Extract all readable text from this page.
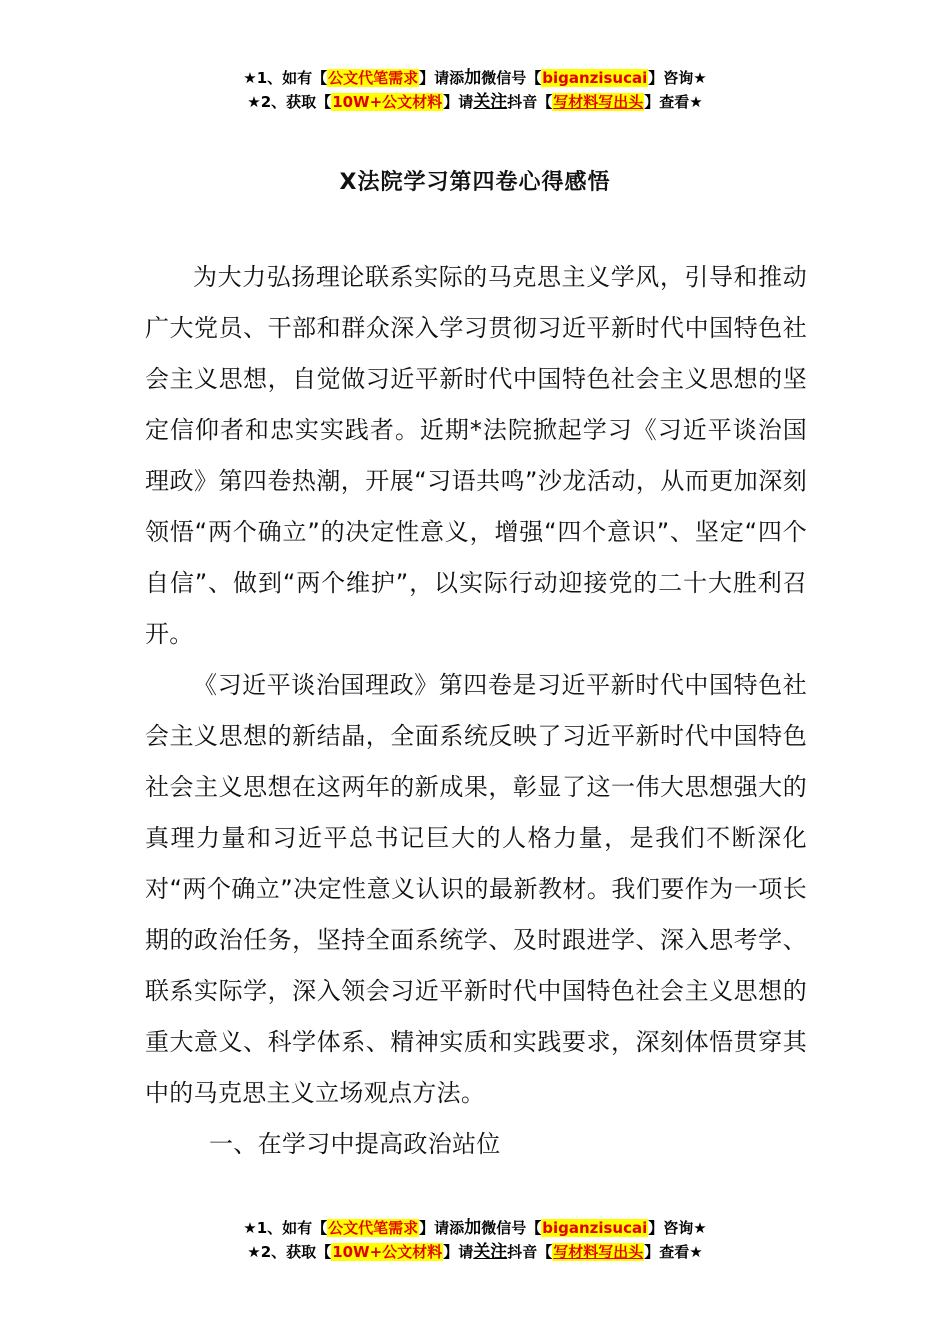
★1、如有【公文代笔需求】请添加微信号【biganzisucai】咨询★
★2、获取【10W+公文材料】请关注抖音【写材料写出头】查看★
X法院学习第四卷心得感悟

为大力弘扬理论联系实际的马克思主义学风，引导和推动广大党员、干部和群众深入学习贯彻习近平新时代中国特色社会主义思想，自觉做习近平新时代中国特色社会主义思想的坚定信仰者和忠实实践者。近期*法院掀起学习《习近平谈治国理政》第四卷热潮，开展“习语共鸣”沙龙活动，从而更加深刻领悟“两个确立”的决定性意义，增强“四个意识”、坚定“四个自信”、做到“两个维护”，以实际行动迎接党的二十大胜利召开。

《习近平谈治国理政》第四卷是习近平新时代中国特色社会主义思想的新结晶，全面系统反映了习近平新时代中国特色社会主义思想在这两年的新成果，彰显了这一伟大思想强大的真理力量和习近平总书记巨大的人格力量，是我们不断深化对“两个确立”决定性意义认识的最新教材。我们要作为一项长期的政治任务，坚持全面系统学、及时跟进学、深入思考学、联系实际学，深入领会习近平新时代中国特色社会主义思想的重大意义、科学体系、精神实质和实践要求，深刻体悟贯穿其中的马克思主义立场观点方法。

一、在学习中提高政治站位

★1、如有【公文代笔需求】请添加微信号【biganzisucai】咨询★
★2、获取【10W+公文材料】请关注抖音【写材料写出头】查看★
